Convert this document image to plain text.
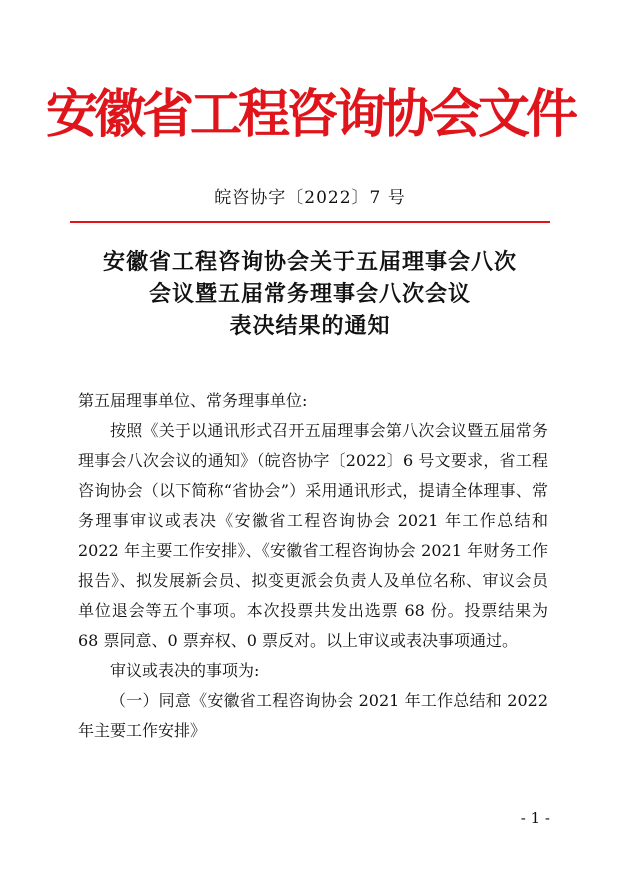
安徽省工程咨询协会文件
皖咨协字〔2022〕7 号
安徽省工程咨询协会关于五届理事会八次
会议暨五届常务理事会八次会议
表决结果的通知

第五届理事单位、常务理事单位:

按照《关于以通讯形式召开五届理事会第八次会议暨五届常务理事会八次会议的通知》（皖咨协字〔2022〕6 号文要求，省工程咨询协会（以下简称“省协会”）采用通讯形式，提请全体理事、常务理事审议或表决《安徽省工程咨询协会 2021 年工作总结和 2022 年主要工作安排》、《安徽省工程咨询协会 2021 年财务工作报告》、拟发展新会员、拟变更派会负责人及单位名称、审议会员单位退会等五个事项。本次投票共发出选票 68 份。投票结果为 68 票同意、0 票弃权、0 票反对。以上审议或表决事项通过。

审议或表决的事项为:

（一）同意《安徽省工程咨询协会 2021 年工作总结和 2022 年主要工作安排》

- 1 -
